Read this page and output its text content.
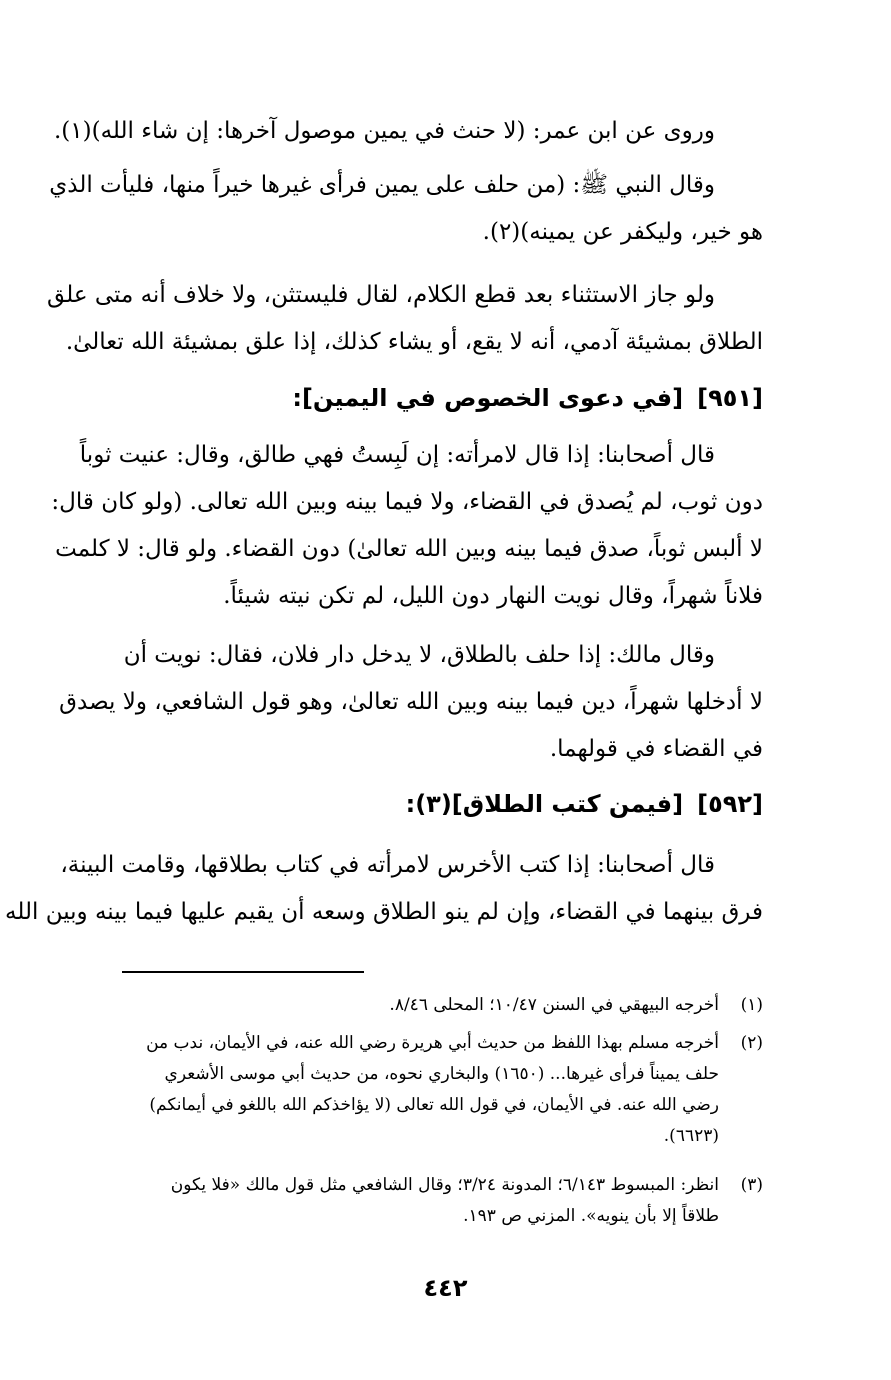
وروى عن ابن عمر: (لا حنث في يمين موصول آخرها: إن شاء الله)(١).
وقال النبي ﷺ: (من حلف على يمين فرأى غيرها خيراً منها، فليأت الذي
هو خير، وليكفر عن يمينه)(٢).
ولو جاز الاستثناء بعد قطع الكلام، لقال فليستثن، ولا خلاف أنه متى علق
الطلاق بمشيئة آدمي، أنه لا يقع، أو يشاء كذلك، إذا علق بمشيئة الله تعالىٰ.
[٩٥١][في دعوى الخصوص في اليمين]:
قال أصحابنا: إذا قال لامرأته: إن لَبِستُ فهي طالق، وقال: عنيت ثوباً
دون ثوب، لم يُصدق في القضاء، ولا فيما بينه وبين الله تعالى. (ولو كان قال:
لا ألبس ثوباً، صدق فيما بينه وبين الله تعالىٰ) دون القضاء. ولو قال: لا كلمت
فلاناً شهراً، وقال نويت النهار دون الليل، لم تكن نيته شيئاً.
وقال مالك: إذا حلف بالطلاق، لا يدخل دار فلان، فقال: نويت أن
لا أدخلها شهراً، دين فيما بينه وبين الله تعالىٰ، وهو قول الشافعي، ولا يصدق
في القضاء في قولهما.
[٥٩٢][فيمن كتب الطلاق](٣):
قال أصحابنا: إذا كتب الأخرس لامرأته في كتاب بطلاقها، وقامت البينة،
فرق بينهما في القضاء، وإن لم ينو الطلاق وسعه أن يقيم عليها فيما بينه وبين الله
(١)
أخرجه البيهقي في السنن ١٠/٤٧؛ المحلى ٨/٤٦.
(٢)
أخرجه مسلم بهذا اللفظ من حديث أبي هريرة رضي الله عنه، في الأيمان، ندب من
حلف يميناً فرأى غيرها... (١٦٥٠) والبخاري نحوه، من حديث أبي موسى الأشعري
رضي الله عنه. في الأيمان، في قول الله تعالى (لا يؤاخذكم الله باللغو في أيمانكم)
(٦٦٢٣).
(٣)
انظر: المبسوط ٦/١٤٣؛ المدونة ٣/٢٤؛ وقال الشافعي مثل قول مالك «فلا يكون
طلاقاً إلا بأن ينويه». المزني ص ١٩٣.
٤٤٢
